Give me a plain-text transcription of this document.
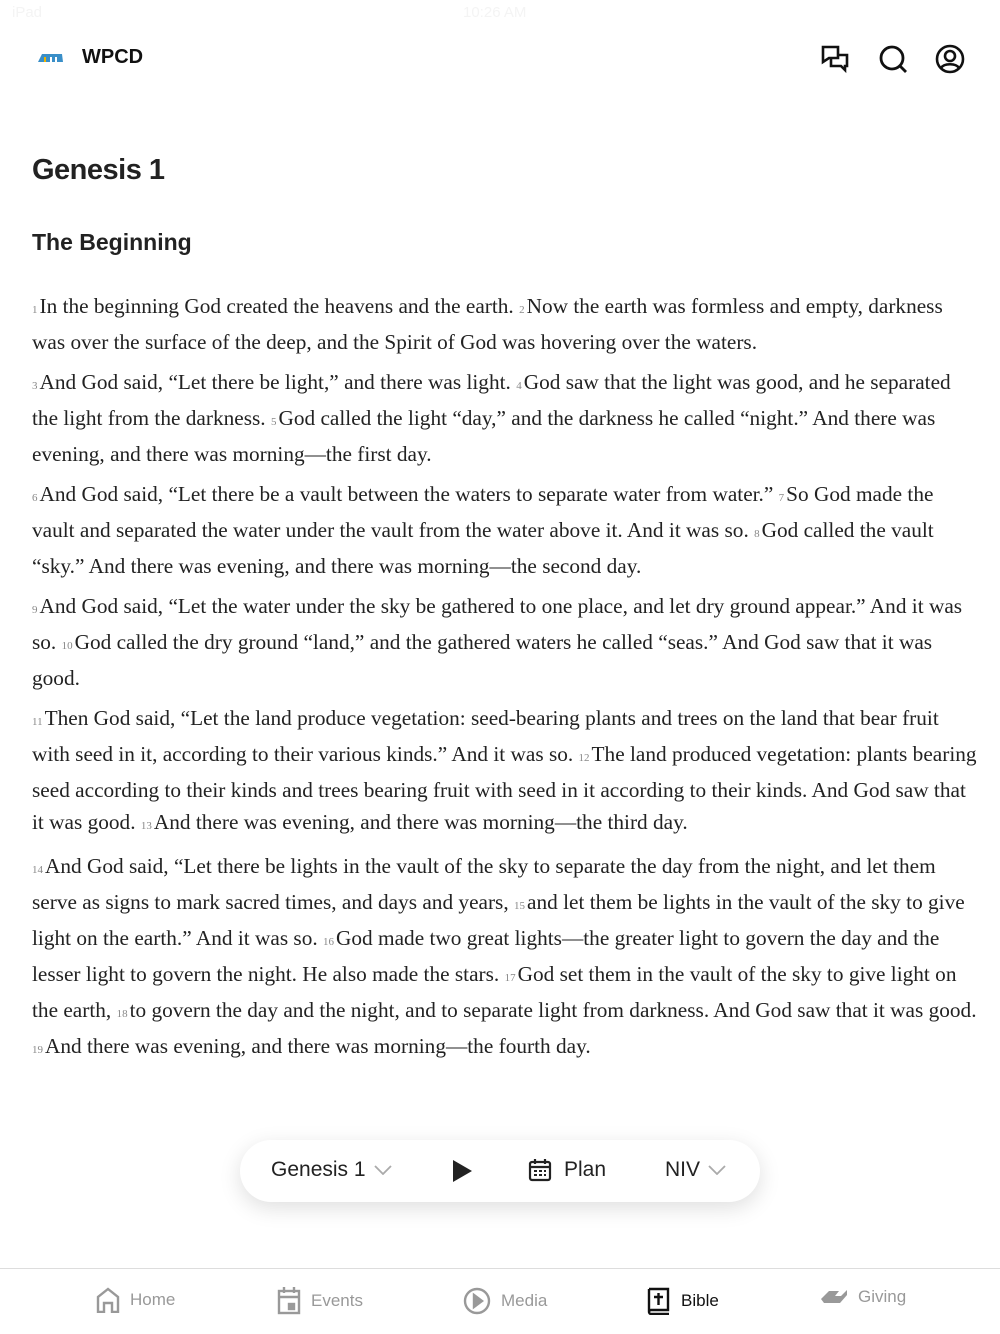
iPad	10:26 AM
Genesis 1
The Beginning

1In the beginning God created the heavens and the earth. 2Now the earth was formless and empty, darkness was over the surface of the deep, and the Spirit of God was hovering over the waters.

3And God said, “Let there be light,” and there was light. 4God saw that the light was good, and he separated the light from the darkness. 5God called the light “day,” and the darkness he called “night.” And there was evening, and there was morning—the first day.

6And God said, “Let there be a vault between the waters to separate water from water.” 7So God made the vault and separated the water under the vault from the water above it. And it was so. 8God called the vault “sky.” And there was evening, and there was morning—the second day.

9And God said, “Let the water under the sky be gathered to one place, and let dry ground appear.” And it was so. 10God called the dry ground “land,” and the gathered waters he called “seas.” And God saw that it was good.

11Then God said, “Let the land produce vegetation: seed-bearing plants and trees on the land that bear fruit with seed in it, according to their various kinds.” And it was so. 12The land produced vegetation: plants bearing seed according to their kinds and trees bearing fruit with seed in it according to their kinds. And God saw that it was good. 13And there was evening, and there was morning—the third day.

14And God said, “Let there be lights in the vault of the sky to separate the day from the night, and let them serve as signs to mark sacred times, and days and years, 15and let them be lights in the vault of the sky to give light on the earth.” And it was so. 16God made two great lights—the greater light to govern the day and the lesser light to govern the night. He also made the stars. 17God set them in the vault of the sky to give light on the earth, 18to govern the day and the night, and to separate light from darkness. And God saw that it was good. 19And there was evening, and there was morning—the fourth day.

WPCD
Genesis 1	Plan	NIV
Home	Events	Media	Bible	Giving
